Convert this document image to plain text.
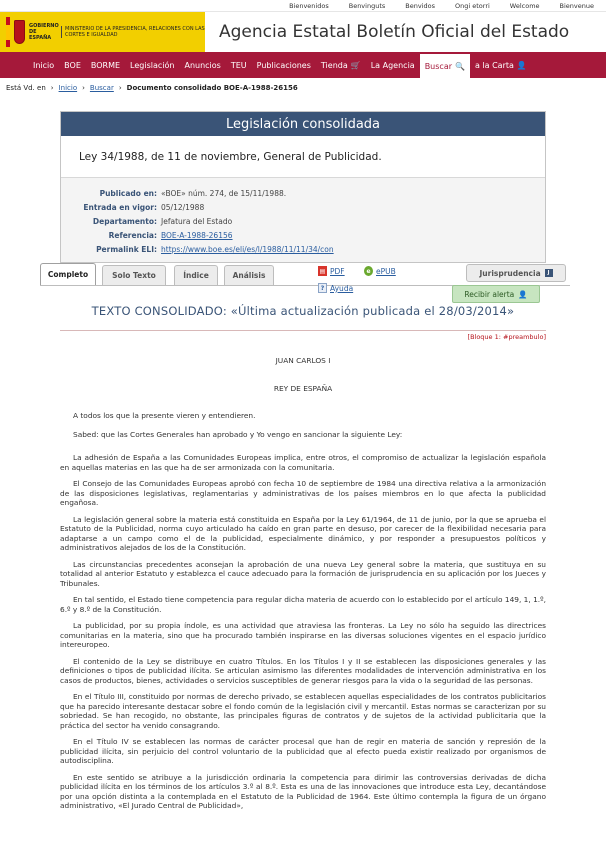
Bienvenidos	Benvinguts	Benvidos	Ongi etorri	Welcome	Bienvenue
GOBIERNO DE ESPAÑA
MINISTERIO DE LA PRESIDENCIA, RELACIONES CON LAS CORTES E IGUALDAD	Agencia Estatal Boletín Oficial del Estado
Inicio	BOE	BORME	Legislación	Anuncios	TEU	Publicaciones	Tienda 🛒	La Agencia	Buscar 🔍 a la Carta 👤
Está Vd. en › Inicio › Buscar › Documento consolidado BOE-A-1988-26156
Legislación consolidada
Ley 34/1988, de 11 de noviembre, General de Publicidad.
Publicado en: «BOE» núm. 274, de 15/11/1988.
Entrada en vigor: 05/12/1988
Departamento: Jefatura del Estado
Referencia: BOE-A-1988-26156
Permalink ELI: https://www.boe.es/eli/es/l/1988/11/11/34/con
Completo	Solo Texto	Índice	Análisis	▤ PDF	e ePUB
? Ayuda
Jurisprudencia	J
Recibir alerta 👤
TEXTO CONSOLIDADO: «Última actualización publicada el 28/03/2014»
[Bloque 1: #preambulo]
JUAN CARLOS I
REY DE ESPAÑA

A todos los que la presente vieren y entendieren.

Sabed: que las Cortes Generales han aprobado y Yo vengo en sancionar la siguiente Ley:

La adhesión de España a las Comunidades Europeas implica, entre otros, el compromiso de actualizar la legislación española en aquellas materias en las que ha de ser armonizada con la comunitaria.

El Consejo de las Comunidades Europeas aprobó con fecha 10 de septiembre de 1984 una directiva relativa a la armonización de las disposiciones legislativas, reglamentarias y administrativas de los países miembros en lo que afecta la publicidad engañosa.

La legislación general sobre la materia está constituida en España por la Ley 61/1964, de 11 de junio, por la que se aprueba el Estatuto de la Publicidad, norma cuyo articulado ha caído en gran parte en desuso, por carecer de la flexibilidad necesaria para adaptarse a un campo como el de la publicidad, especialmente dinámico, y por responder a presupuestos políticos y administrativos alejados de los de la Constitución.

Las circunstancias precedentes aconsejan la aprobación de una nueva Ley general sobre la materia, que sustituya en su totalidad al anterior Estatuto y establezca el cauce adecuado para la formación de jurisprudencia en su aplicación por los Jueces y Tribunales.

En tal sentido, el Estado tiene competencia para regular dicha materia de acuerdo con lo establecido por el artículo 149, 1, 1.º, 6.º y 8.º de la Constitución.

La publicidad, por su propia índole, es una actividad que atraviesa las fronteras. La Ley no sólo ha seguido las directrices comunitarias en la materia, sino que ha procurado también inspirarse en las diversas soluciones vigentes en el espacio jurídico intereuropeo.

El contenido de la Ley se distribuye en cuatro Títulos. En los Títulos I y II se establecen las disposiciones generales y las definiciones o tipos de publicidad ilícita. Se articulan asimismo las diferentes modalidades de intervención administrativa en los casos de productos, bienes, actividades o servicios susceptibles de generar riesgos para la vida o la seguridad de las personas.

En el Título III, constituido por normas de derecho privado, se establecen aquellas especialidades de los contratos publicitarios que ha parecido interesante destacar sobre el fondo común de la legislación civil y mercantil. Estas normas se caracterizan por su sobriedad. Se han recogido, no obstante, las principales figuras de contratos y de sujetos de la actividad publicitaria que la práctica del sector ha venido consagrando.

En el Título IV se establecen las normas de carácter procesal que han de regir en materia de sanción y represión de la publicidad ilícita, sin perjuicio del control voluntario de la publicidad que al efecto pueda existir realizado por organismos de autodisciplina.

En este sentido se atribuye a la jurisdicción ordinaria la competencia para dirimir las controversias derivadas de dicha publicidad ilícita en los términos de los artículos 3.º al 8.º. Esta es una de las innovaciones que introduce esta Ley, decantándose por una opción distinta a la contemplada en el Estatuto de la Publicidad de 1964. Este último contempla la figura de un órgano administrativo, «El Jurado Central de Publicidad»,
